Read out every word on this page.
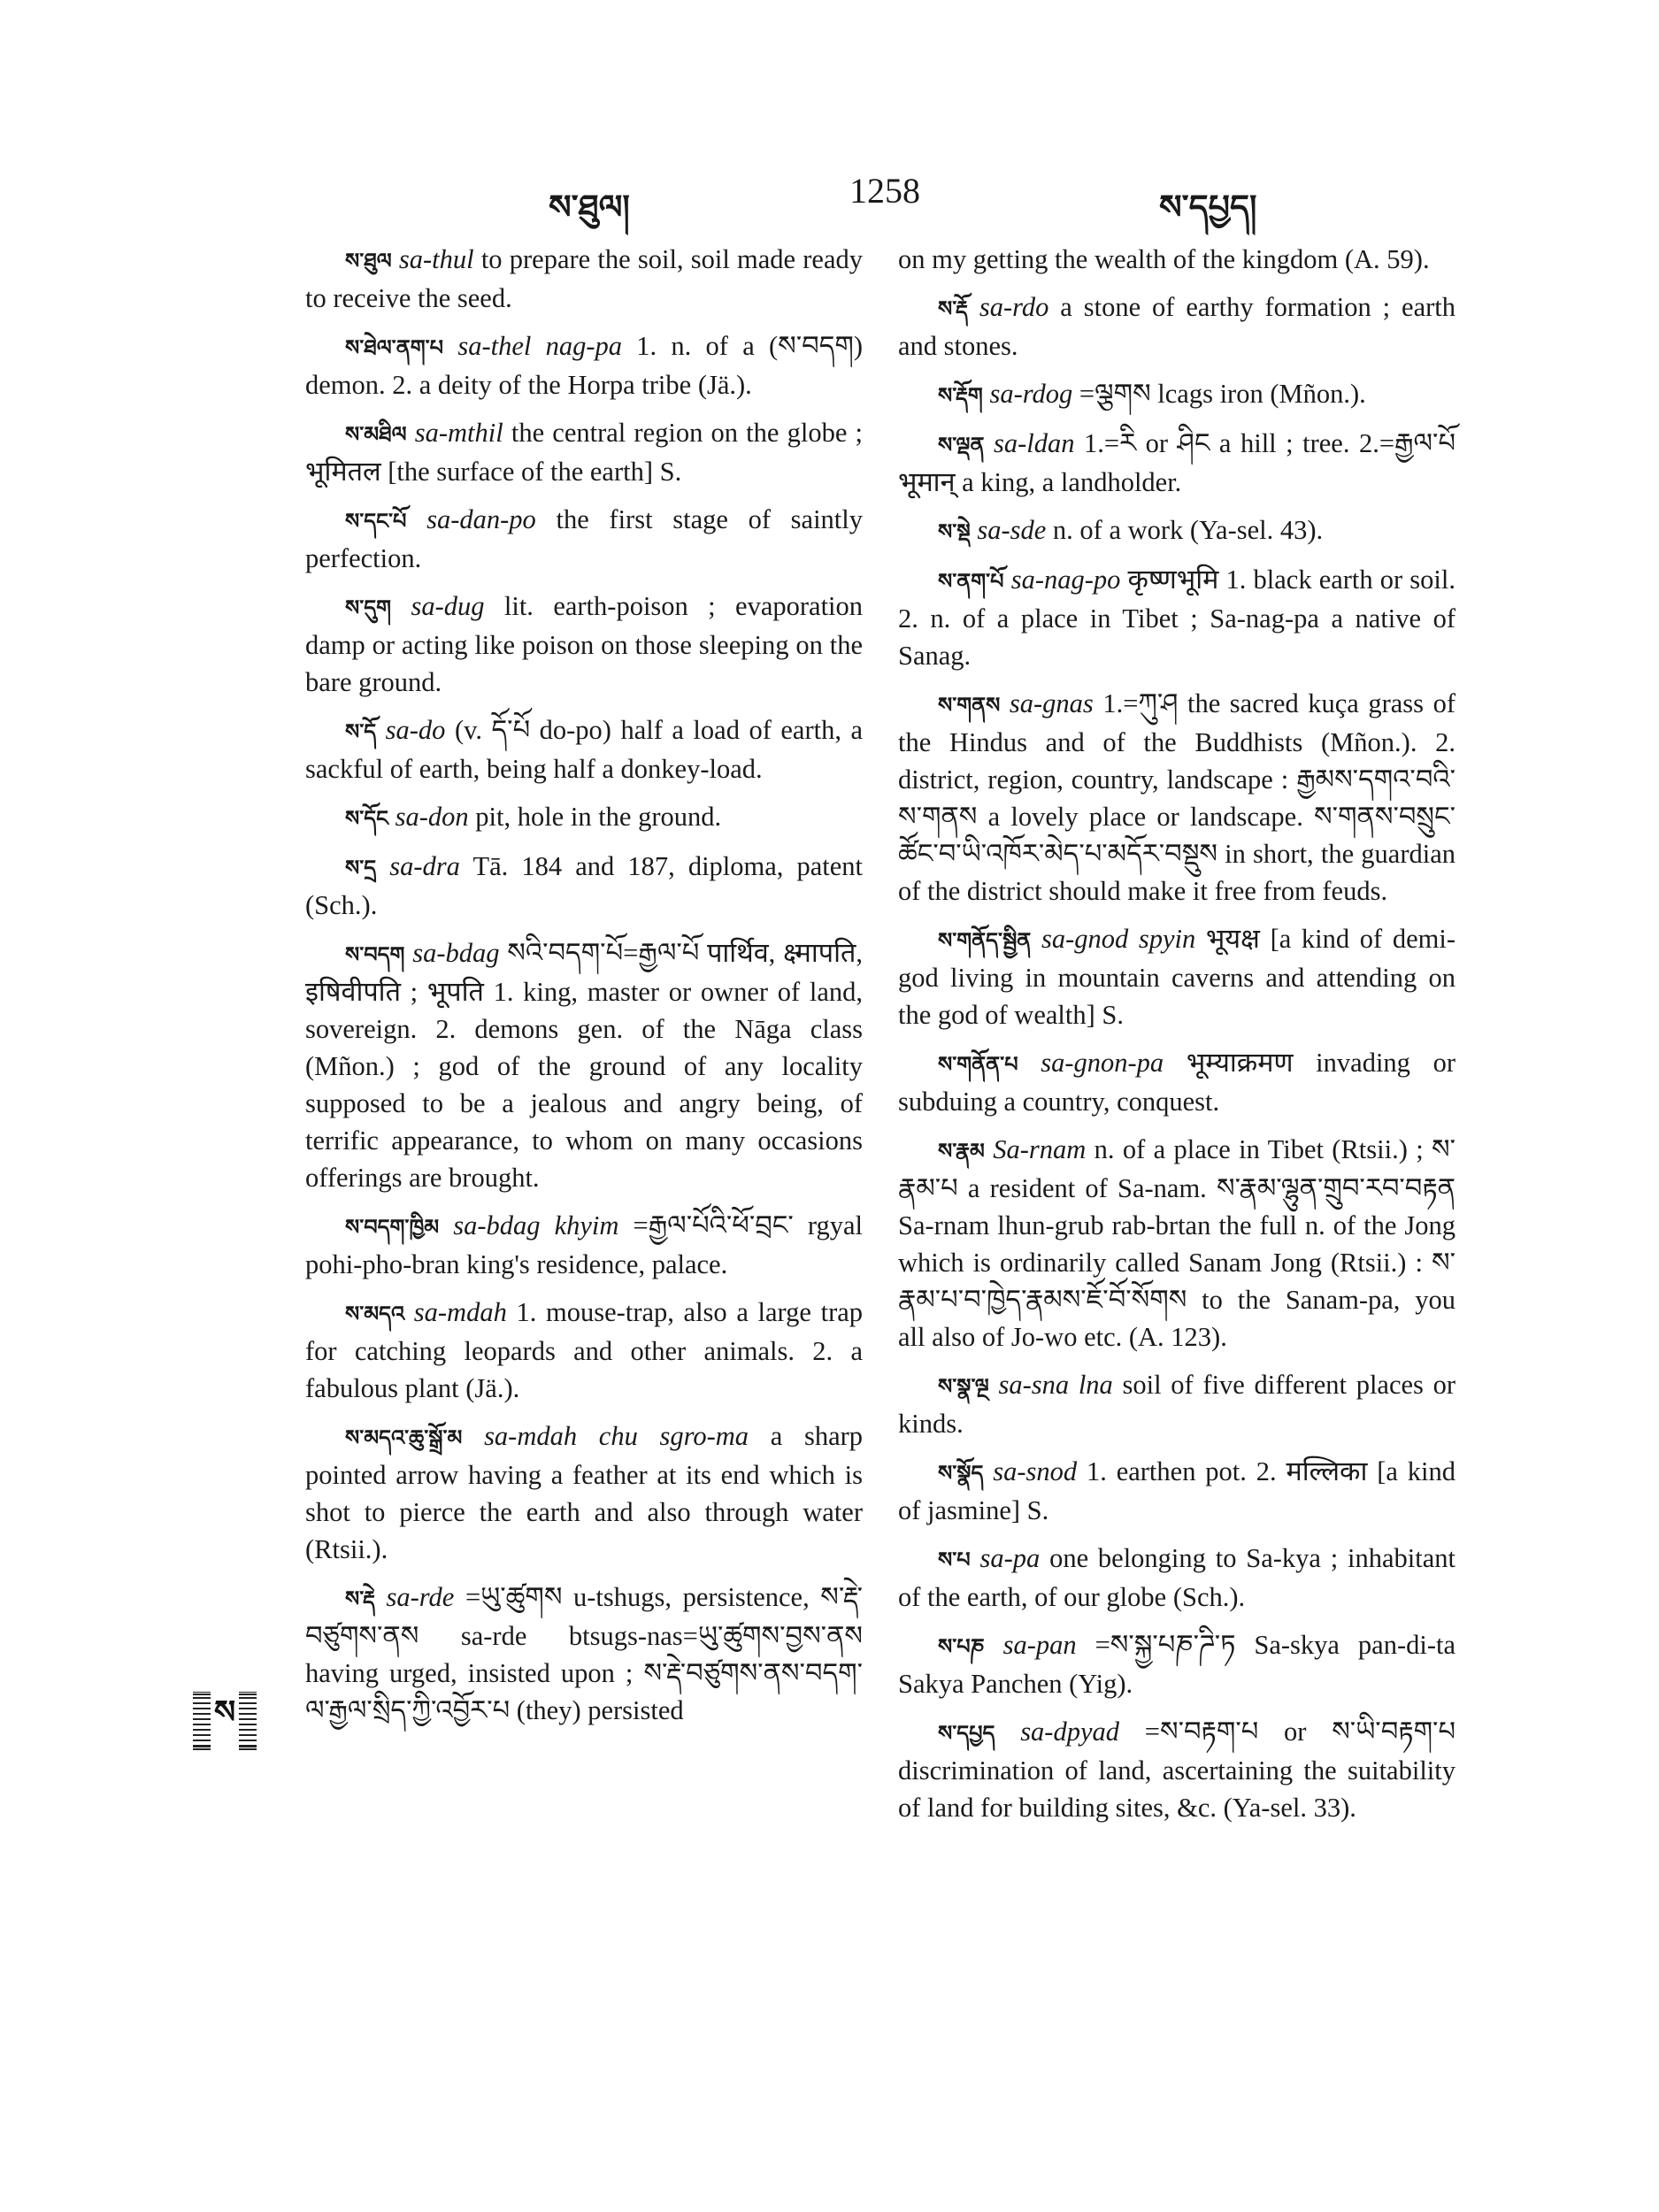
ས་ཐུལ།	1258	ས་དཔྱད།

ས་ཐུལ sa-thul to prepare the soil, soil made ready to receive the seed.

ས་ཐེལ་ནག་པ sa-thel nag-pa 1. n. of a (ས་བདག) demon. 2. a deity of the Horpa tribe (Jä.).

ས་མཐིལ sa-mthil the central region on the globe ; भूमितल [the surface of the earth] S.

ས་དང་པོ sa-dan-po the first stage of saintly perfection.

ས་དུག sa-dug lit. earth-poison ; evaporation damp or acting like poison on those sleeping on the bare ground.

ས་དོ sa-do (v. དོ་པོ do-po) half a load of earth, a sackful of earth, being half a donkey-load.

ས་དོང sa-don pit, hole in the ground.

ས་དྲ sa-dra Tā. 184 and 187, diploma, patent (Sch.).

ས་བདག sa-bdag སའི་བདག་པོ=རྒྱལ་པོ पार्थिव, क्ष्मापति, इषिवीपति ; भूपति 1. king, master or owner of land, sovereign. 2. demons gen. of the Nāga class (Mñon.) ; god of the ground of any locality supposed to be a jealous and angry being, of terrific appearance, to whom on many occasions offerings are brought.

ས་བདག་ཁྱིམ sa-bdag khyim =རྒྱལ་པོའི་ཕོ་བྲང་ rgyal pohi-pho-bran king's residence, palace.

ས་མདའ sa-mdah 1. mouse-trap, also a large trap for catching leopards and other animals. 2. a fabulous plant (Jä.).

ས་མདའ་ཆུ་སྒྲོ་མ sa-mdah chu sgro-ma a sharp pointed arrow having a feather at its end which is shot to pierce the earth and also through water (Rtsii.).

ས་རྡེ sa-rde =ཡུ་ཚུགས u-tshugs, persistence, ས་རྡེ་བཙུགས་ནས sa-rde btsugs-nas=ཡུ་ཚུགས་བྱས་ནས having urged, insisted upon ; ས་རྡེ་བཙུགས་ནས་བདག་ལ་རྒྱལ་སྲིད་ཀྱི་འབྱོར་པ (they) persisted

on my getting the wealth of the kingdom (A. 59).

ས་རྡོ sa-rdo a stone of earthy formation ; earth and stones.

ས་རྡོག sa-rdog =ལྕགས lcags iron (Mñon.).

ས་ལྡན sa-ldan 1.=རི or ཤིང a hill ; tree. 2.=རྒྱལ་པོ भूमान् a king, a landholder.

ས་སྡེ sa-sde n. of a work (Ya-sel. 43).

ས་ནག་པོ sa-nag-po कृष्णभूमि 1. black earth or soil. 2. n. of a place in Tibet ; Sa-nag-pa a native of Sanag.

ས་གནས sa-gnas 1.=ཀུ་ཤ the sacred kuça grass of the Hindus and of the Buddhists (Mñon.). 2. district, region, country, landscape : རྒྱམས་དགའ་བའི་ས་གནས a lovely place or landscape. ས་གནས་བསྲུང་ཚོང་བ་ཡི་འཁོར་མེད་པ་མདོར་བསྡུས in short, the guardian of the district should make it free from feuds.

ས་གནོད་སྦྱིན sa-gnod spyin भूयक्ष [a kind of demi-god living in mountain caverns and attending on the god of wealth] S.

ས་གནོན་པ sa-gnon-pa भूम्याक्रमण invading or subduing a country, conquest.

ས་རྣམ Sa-rnam n. of a place in Tibet (Rtsii.) ; ས་རྣམ་པ a resident of Sa-nam. ས་རྣམ་ལྷུན་གྲུབ་རབ་བརྟན Sa-rnam lhun-grub rab-brtan the full n. of the Jong which is ordinarily called Sanam Jong (Rtsii.) : ས་རྣམ་པ་བ་ཁྱེད་རྣམས་ཇོ་བོ་སོགས to the Sanam-pa, you all also of Jo-wo etc. (A. 123).

ས་སྣ་ལྔ sa-sna lna soil of five different places or kinds.

ས་སྣོད sa-snod 1. earthen pot. 2. मल्लिका [a kind of jasmine] S.

ས་པ sa-pa one belonging to Sa-kya ; inhabitant of the earth, of our globe (Sch.).

ས་པཎ sa-pan =ས་སྐྱ་པཎ་ཌི་ཏ Sa-skya pan-di-ta Sakya Panchen (Yig).

ས་དཔྱད sa-dpyad =ས་བརྟག་པ or ས་ཡི་བརྟག་པ discrimination of land, ascertaining the suitability of land for building sites, &c. (Ya-sel. 33).

ས
